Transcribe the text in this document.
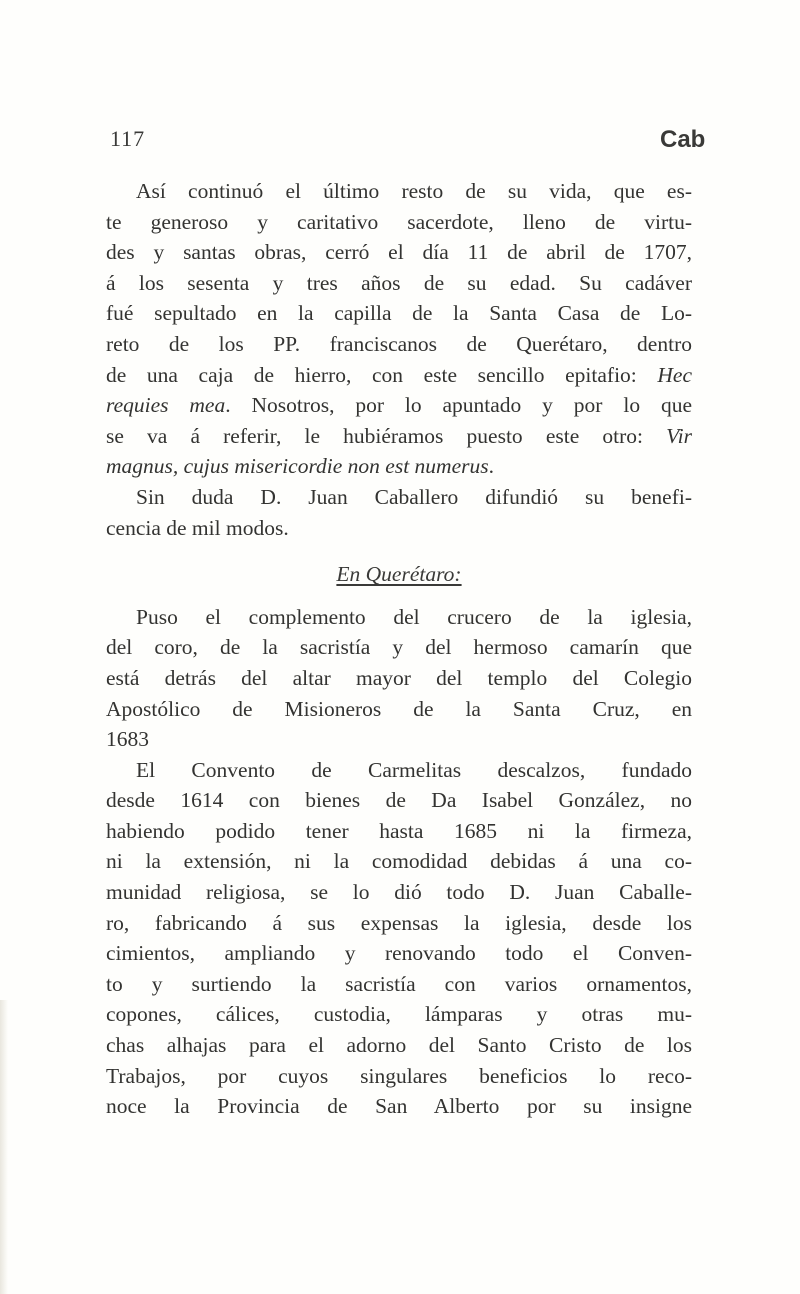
117	Cab
Así continuó el último resto de su vida, que es-
te generoso y caritativo sacerdote, lleno de virtu-
des y santas obras, cerró el día 11 de abril de 1707,
á los sesenta y tres años de su edad. Su cadáver
fué sepultado en la capilla de la Santa Casa de Lo-
reto de los PP. franciscanos de Querétaro, dentro
de una caja de hierro, con este sencillo epitafio: Hec
requies mea. Nosotros, por lo apuntado y por lo que
se va á referir, le hubiéramos puesto este otro: Vir
magnus, cujus misericordie non est numerus.
Sin duda D. Juan Caballero difundió su benefi-
cencia de mil modos.
En Querétaro:
Puso el complemento del crucero de la iglesia,
del coro, de la sacristía y del hermoso camarín que
está detrás del altar mayor del templo del Colegio
Apostólico de Misioneros de la Santa Cruz, en
1683
El Convento de Carmelitas descalzos, fundado
desde 1614 con bienes de Da Isabel González, no
habiendo podido tener hasta 1685 ni la firmeza,
ni la extensión, ni la comodidad debidas á una co-
munidad religiosa, se lo dió todo D. Juan Caballe-
ro, fabricando á sus expensas la iglesia, desde los
cimientos, ampliando y renovando todo el Conven-
to y surtiendo la sacristía con varios ornamentos,
copones, cálices, custodia, lámparas y otras mu-
chas alhajas para el adorno del Santo Cristo de los
Trabajos, por cuyos singulares beneficios lo reco-
noce la Provincia de San Alberto por su insigne
